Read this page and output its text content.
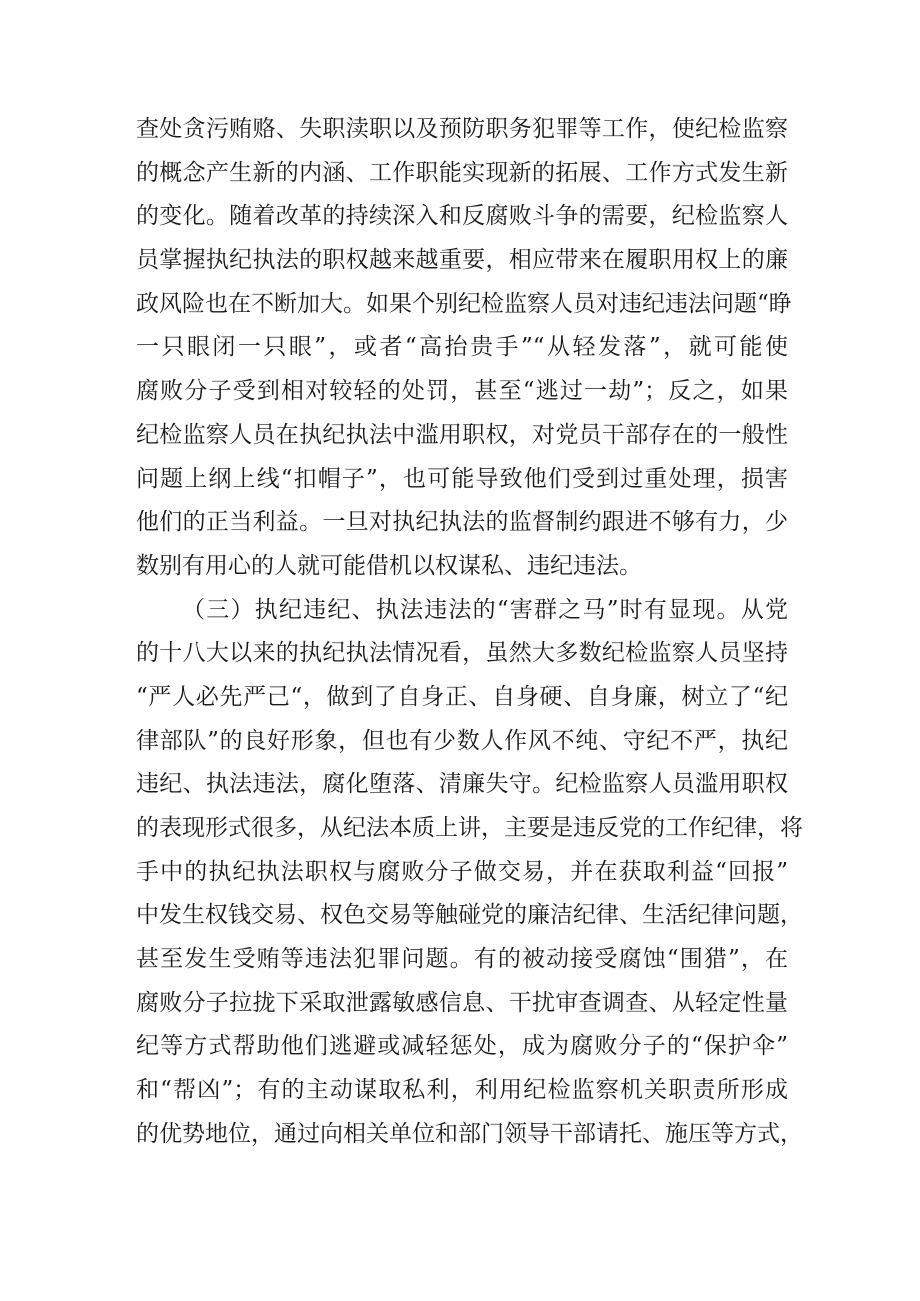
查处贪污贿赂、失职渎职以及预防职务犯罪等工作，使纪检监察
的概念产生新的内涵、工作职能实现新的拓展、工作方式发生新
的变化。随着改革的持续深入和反腐败斗争的需要，纪检监察人
员掌握执纪执法的职权越来越重要，相应带来在履职用权上的廉
政风险也在不断加大。如果个别纪检监察人员对违纪违法问题“睁
一只眼闭一只眼”，或者“高抬贵手”“从轻发落”，就可能使
腐败分子受到相对较轻的处罚，甚至“逃过一劫”；反之，如果
纪检监察人员在执纪执法中滥用职权，对党员干部存在的一般性
问题上纲上线“扣帽子”，也可能导致他们受到过重处理，损害
他们的正当利益。一旦对执纪执法的监督制约跟进不够有力，少
数别有用心的人就可能借机以权谋私、违纪违法。
（三）执纪违纪、执法违法的“害群之马”时有显现。从党
的十八大以来的执纪执法情况看，虽然大多数纪检监察人员坚持
“严人必先严己“，做到了自身正、自身硬、自身廉，树立了“纪
律部队”的良好形象，但也有少数人作风不纯、守纪不严，执纪
违纪、执法违法，腐化堕落、清廉失守。纪检监察人员滥用职权
的表现形式很多，从纪法本质上讲，主要是违反党的工作纪律，将
手中的执纪执法职权与腐败分子做交易，并在获取利益“回报”
中发生权钱交易、权色交易等触碰党的廉洁纪律、生活纪律问题，
甚至发生受贿等违法犯罪问题。有的被动接受腐蚀“围猎”，在
腐败分子拉拢下采取泄露敏感信息、干扰审查调查、从轻定性量
纪等方式帮助他们逃避或减轻惩处，成为腐败分子的“保护伞”
和“帮凶”；有的主动谋取私利，利用纪检监察机关职责所形成
的优势地位，通过向相关单位和部门领导干部请托、施压等方式，
